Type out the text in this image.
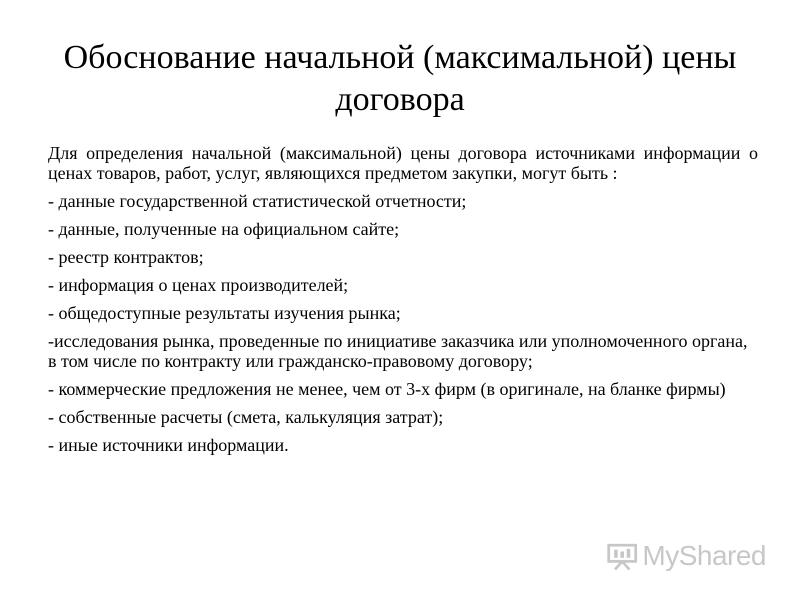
Обоснование начальной (максимальной) цены договора

Для определения начальной (максимальной) цены договора источниками информации о ценах товаров, работ, услуг, являющихся предметом закупки, могут быть :

- данные государственной статистической отчетности;
- данные, полученные на официальном сайте;
- реестр контрактов;
- информация о ценах производителей;
- общедоступные результаты изучения рынка;
-исследования рынка, проведенные по инициативе заказчика или уполномоченного органа, в том числе по контракту или гражданско-правовому договору;
- коммерческие предложения не менее, чем от 3-х фирм (в оригинале, на бланке фирмы)
- собственные расчеты (смета, калькуляция затрат);
- иные источники информации.
MyShared
